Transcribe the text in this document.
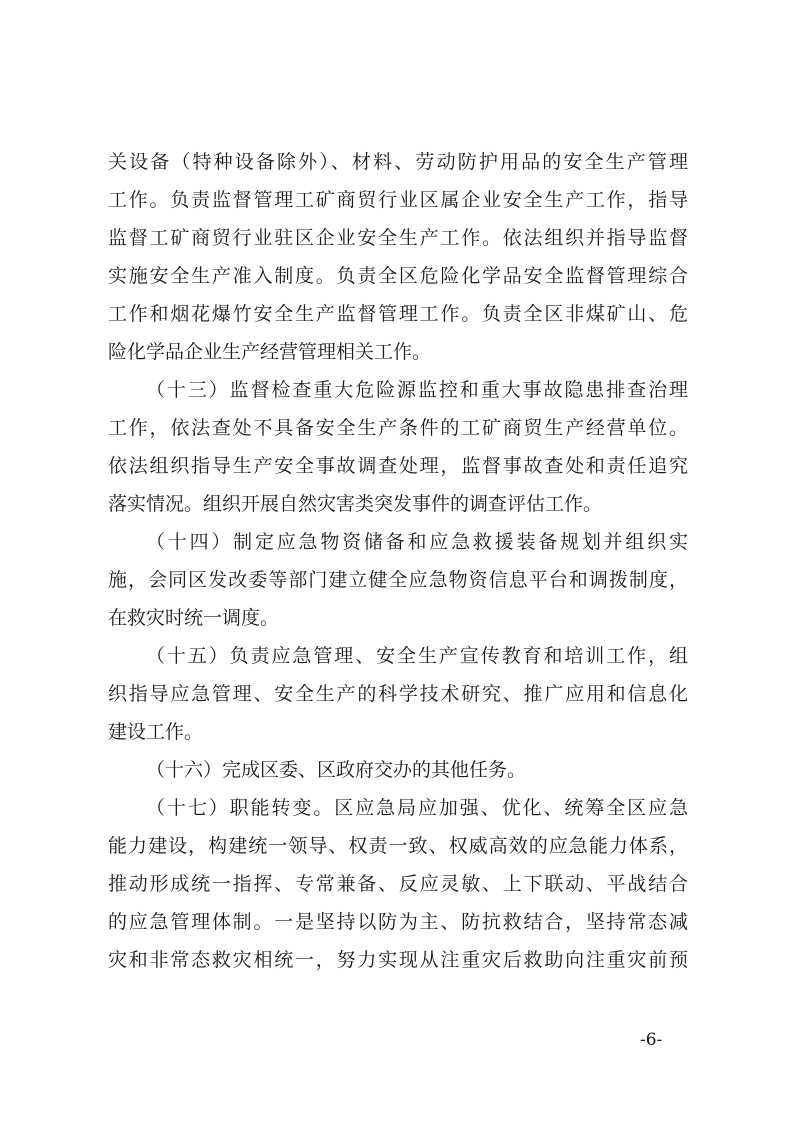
关设备（特种设备除外）、材料、劳动防护用品的安全生产管理
工作。负责监督管理工矿商贸行业区属企业安全生产工作，指导
监督工矿商贸行业驻区企业安全生产工作。依法组织并指导监督
实施安全生产准入制度。负责全区危险化学品安全监督管理综合
工作和烟花爆竹安全生产监督管理工作。负责全区非煤矿山、危
险化学品企业生产经营管理相关工作。
（十三）监督检查重大危险源监控和重大事故隐患排查治理
工作，依法查处不具备安全生产条件的工矿商贸生产经营单位。
依法组织指导生产安全事故调查处理，监督事故查处和责任追究
落实情况。组织开展自然灾害类突发事件的调查评估工作。
（十四）制定应急物资储备和应急救援装备规划并组织实
施，会同区发改委等部门建立健全应急物资信息平台和调拨制度，
在救灾时统一调度。
（十五）负责应急管理、安全生产宣传教育和培训工作，组
织指导应急管理、安全生产的科学技术研究、推广应用和信息化
建设工作。
（十六）完成区委、区政府交办的其他任务。
（十七）职能转变。区应急局应加强、优化、统筹全区应急
能力建设，构建统一领导、权责一致、权威高效的应急能力体系，
推动形成统一指挥、专常兼备、反应灵敏、上下联动、平战结合
的应急管理体制。一是坚持以防为主、防抗救结合，坚持常态减
灾和非常态救灾相统一，努力实现从注重灾后救助向注重灾前预
-6-
